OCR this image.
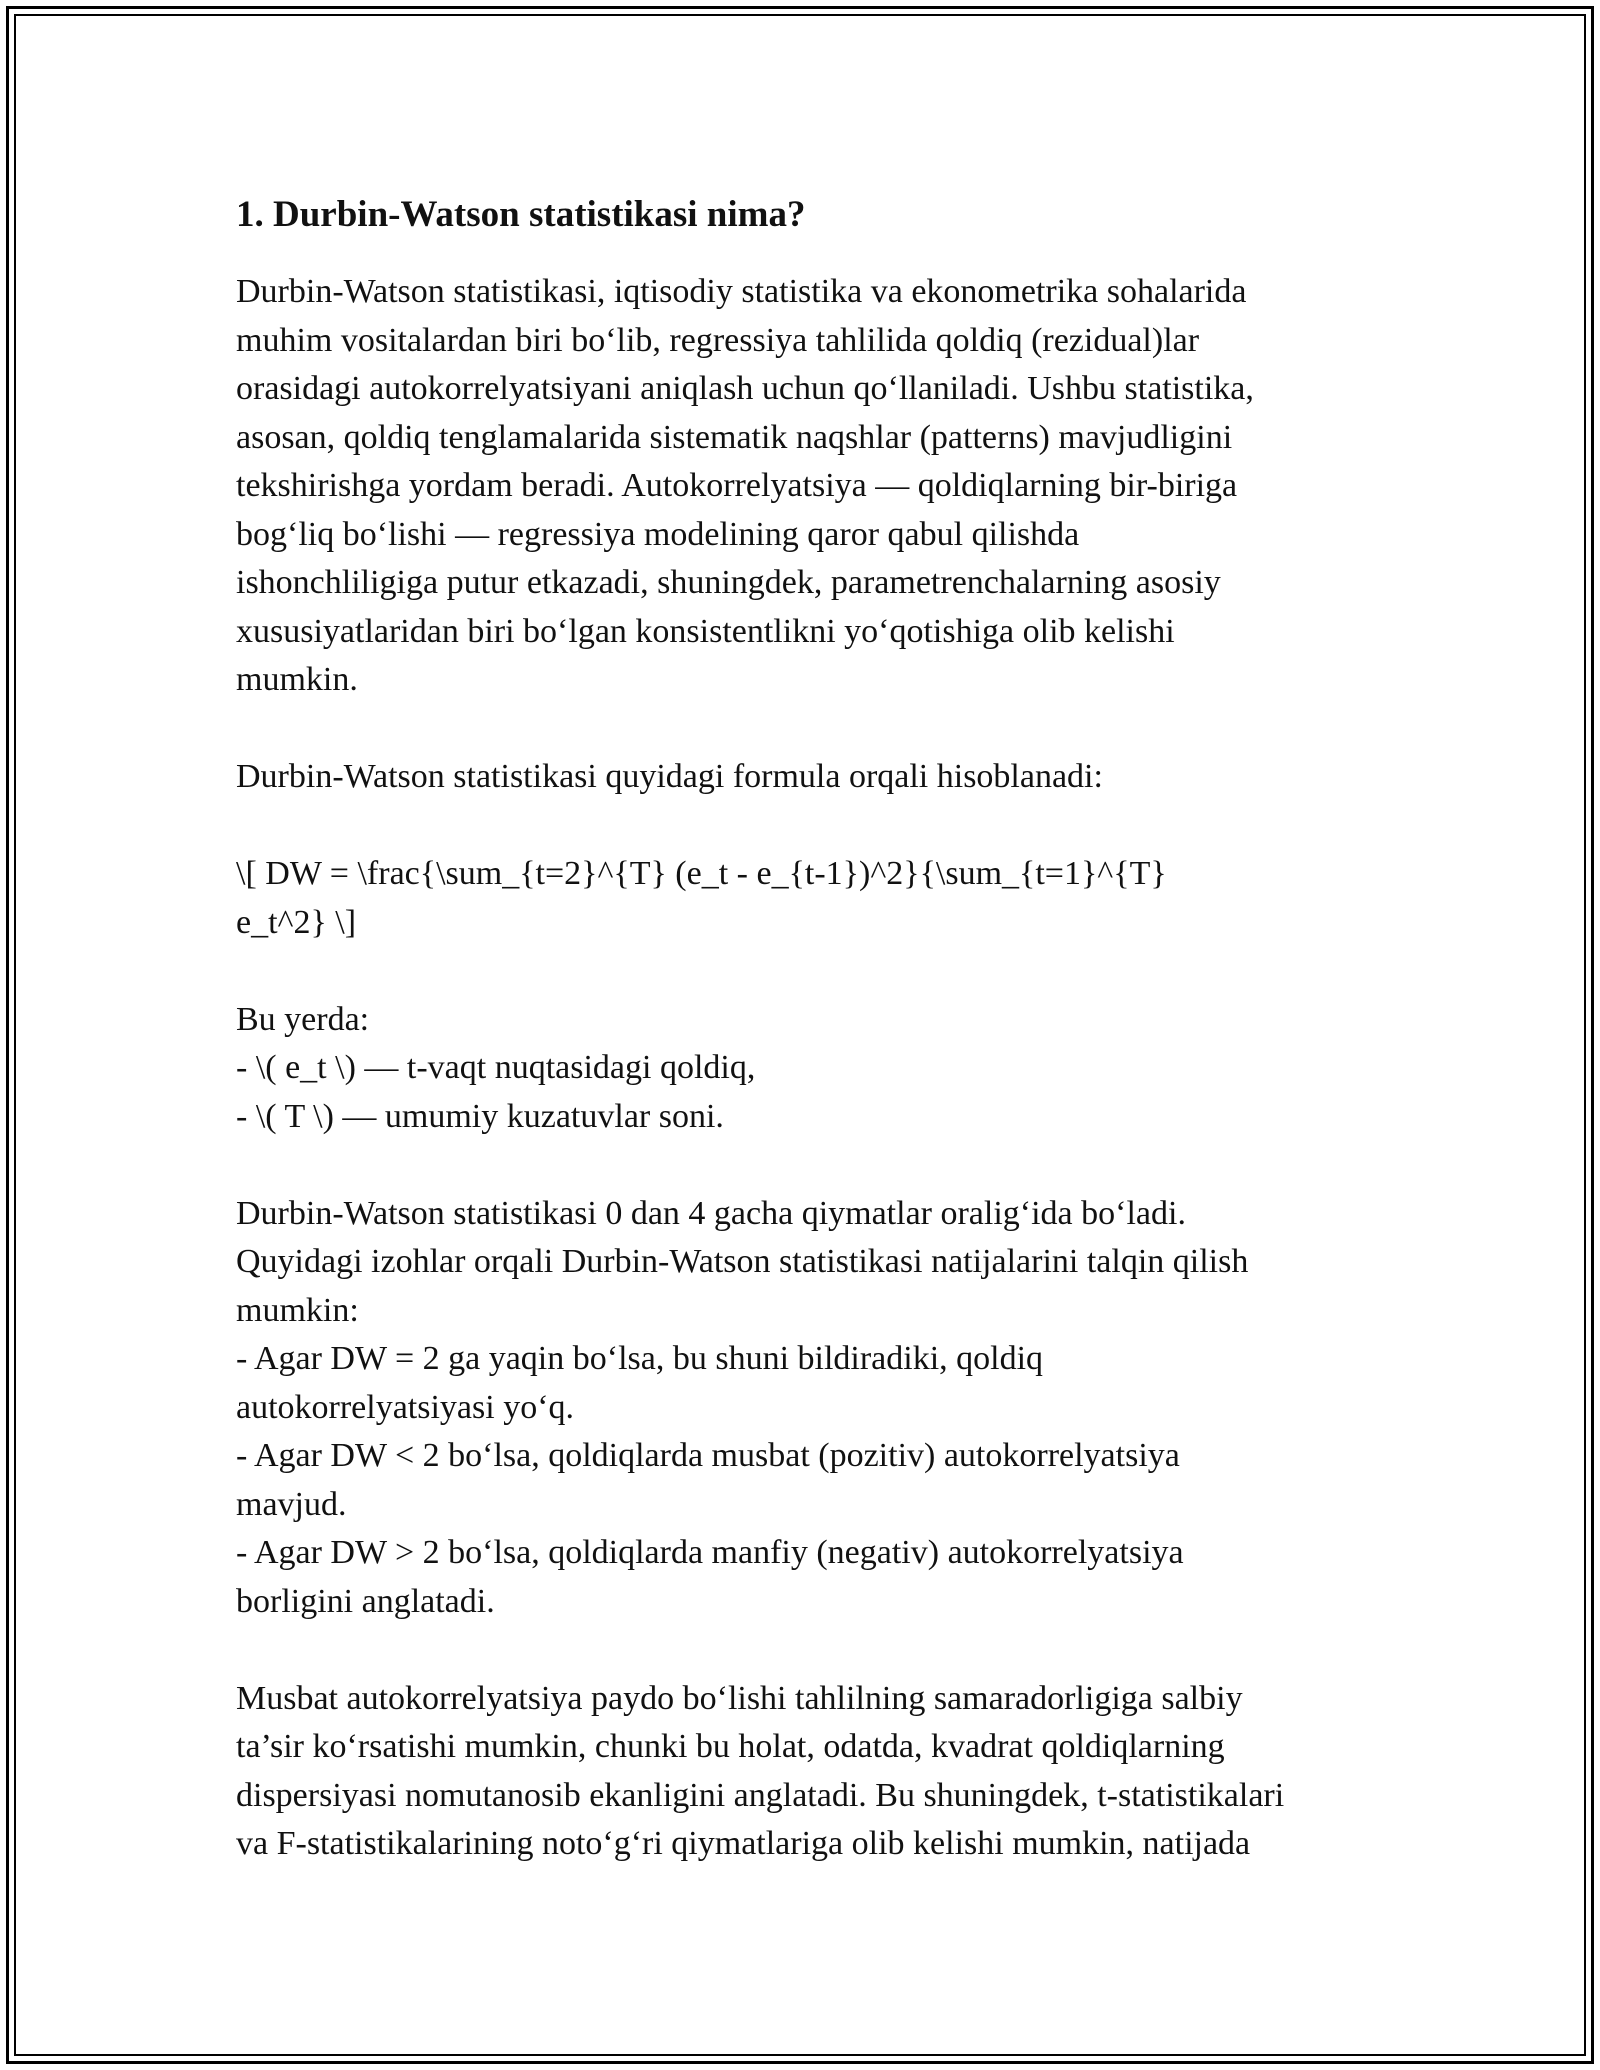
1. Durbin-Watson statistikasi nima?

Durbin-Watson statistikasi, iqtisodiy statistika va ekonometrika sohalarida
muhim vositalardan biri bo‘lib, regressiya tahlilida qoldiq (rezidual)lar
orasidagi autokorrelyatsiyani aniqlash uchun qo‘llaniladi. Ushbu statistika,
asosan, qoldiq tenglamalarida sistematik naqshlar (patterns) mavjudligini
tekshirishga yordam beradi. Autokorrelyatsiya — qoldiqlarning bir-biriga
bog‘liq bo‘lishi — regressiya modelining qaror qabul qilishda
ishonchliligiga putur etkazadi, shuningdek, parametrenchalarning asosiy
xususiyatlaridan biri bo‘lgan konsistentlikni yo‘qotishiga olib kelishi
mumkin.

Durbin-Watson statistikasi quyidagi formula orqali hisoblanadi:

\[ DW = \frac{\sum_{t=2}^{T} (e_t - e_{t-1})^2}{\sum_{t=1}^{T}
e_t^2} \]

Bu yerda:
- \( e_t \) — t-vaqt nuqtasidagi qoldiq,
- \( T \) — umumiy kuzatuvlar soni.

Durbin-Watson statistikasi 0 dan 4 gacha qiymatlar oralig‘ida bo‘ladi.
Quyidagi izohlar orqali Durbin-Watson statistikasi natijalarini talqin qilish
mumkin:
- Agar DW = 2 ga yaqin bo‘lsa, bu shuni bildiradiki, qoldiq
autokorrelyatsiyasi yo‘q.
- Agar DW < 2 bo‘lsa, qoldiqlarda musbat (pozitiv) autokorrelyatsiya
mavjud.
- Agar DW > 2 bo‘lsa, qoldiqlarda manfiy (negativ) autokorrelyatsiya
borligini anglatadi.

Musbat autokorrelyatsiya paydo bo‘lishi tahlilning samaradorligiga salbiy
ta’sir ko‘rsatishi mumkin, chunki bu holat, odatda, kvadrat qoldiqlarning
dispersiyasi nomutanosib ekanligini anglatadi. Bu shuningdek, t-statistikalari
va F-statistikalarining noto‘g‘ri qiymatlariga olib kelishi mumkin, natijada
